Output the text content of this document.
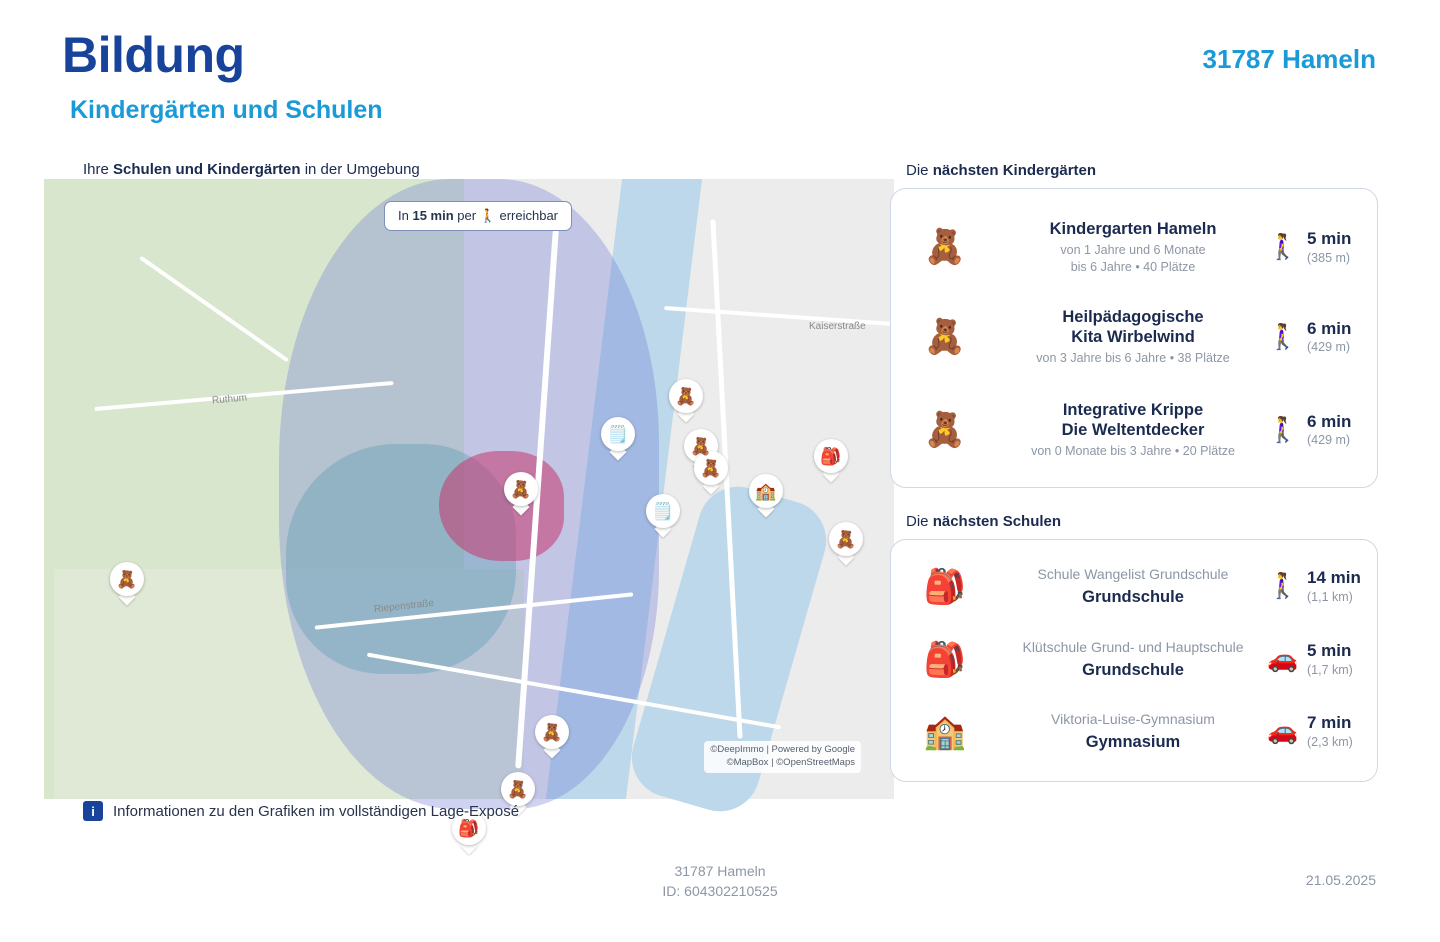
Bildung
Kindergärten und Schulen
31787 Hameln
Ihre Schulen und Kindergärten in der Umgebung
Kaiserstraße
Ruthum
Riepenstraße
🧸
🧸
🧸
🗒️
🎒
🏫
🗒️
🧸
🧸
🧸
🧸
🧸
🎒
In 15 min per 🚶 erreichbar
©DeepImmo | Powered by Google
©MapBox | ©OpenStreetMaps
i	Informationen zu den Grafiken im vollständigen Lage-Exposé
Die nächsten Kindergärten
🧸	Kindergarten Hameln
von 1 Jahre und 6 Monate
bis 6 Jahre • 40 Plätze
🚶‍♀️ 5 min
(385 m)
🧸
Heilpädagogische
Kita Wirbelwind
von 3 Jahre bis 6 Jahre • 38 Plätze
🚶‍♀️ 6 min
(429 m)
🧸
Integrative Krippe
Die Weltentdecker
von 0 Monate bis 3 Jahre • 20 Plätze
🚶‍♀️ 6 min
(429 m)
Die nächsten Schulen
🎒	Schule Wangelist Grundschule
Grundschule	🚶‍♀️ 14 min
(1,1 km)
🎒	Klütschule Grund- und Hauptschule
Grundschule	🚗 5 min
(1,7 km)
🏫	Viktoria-Luise-Gymnasium
Gymnasium	🚗 7 min
(2,3 km)
31787 Hameln
ID: 604302210525
21.05.2025
